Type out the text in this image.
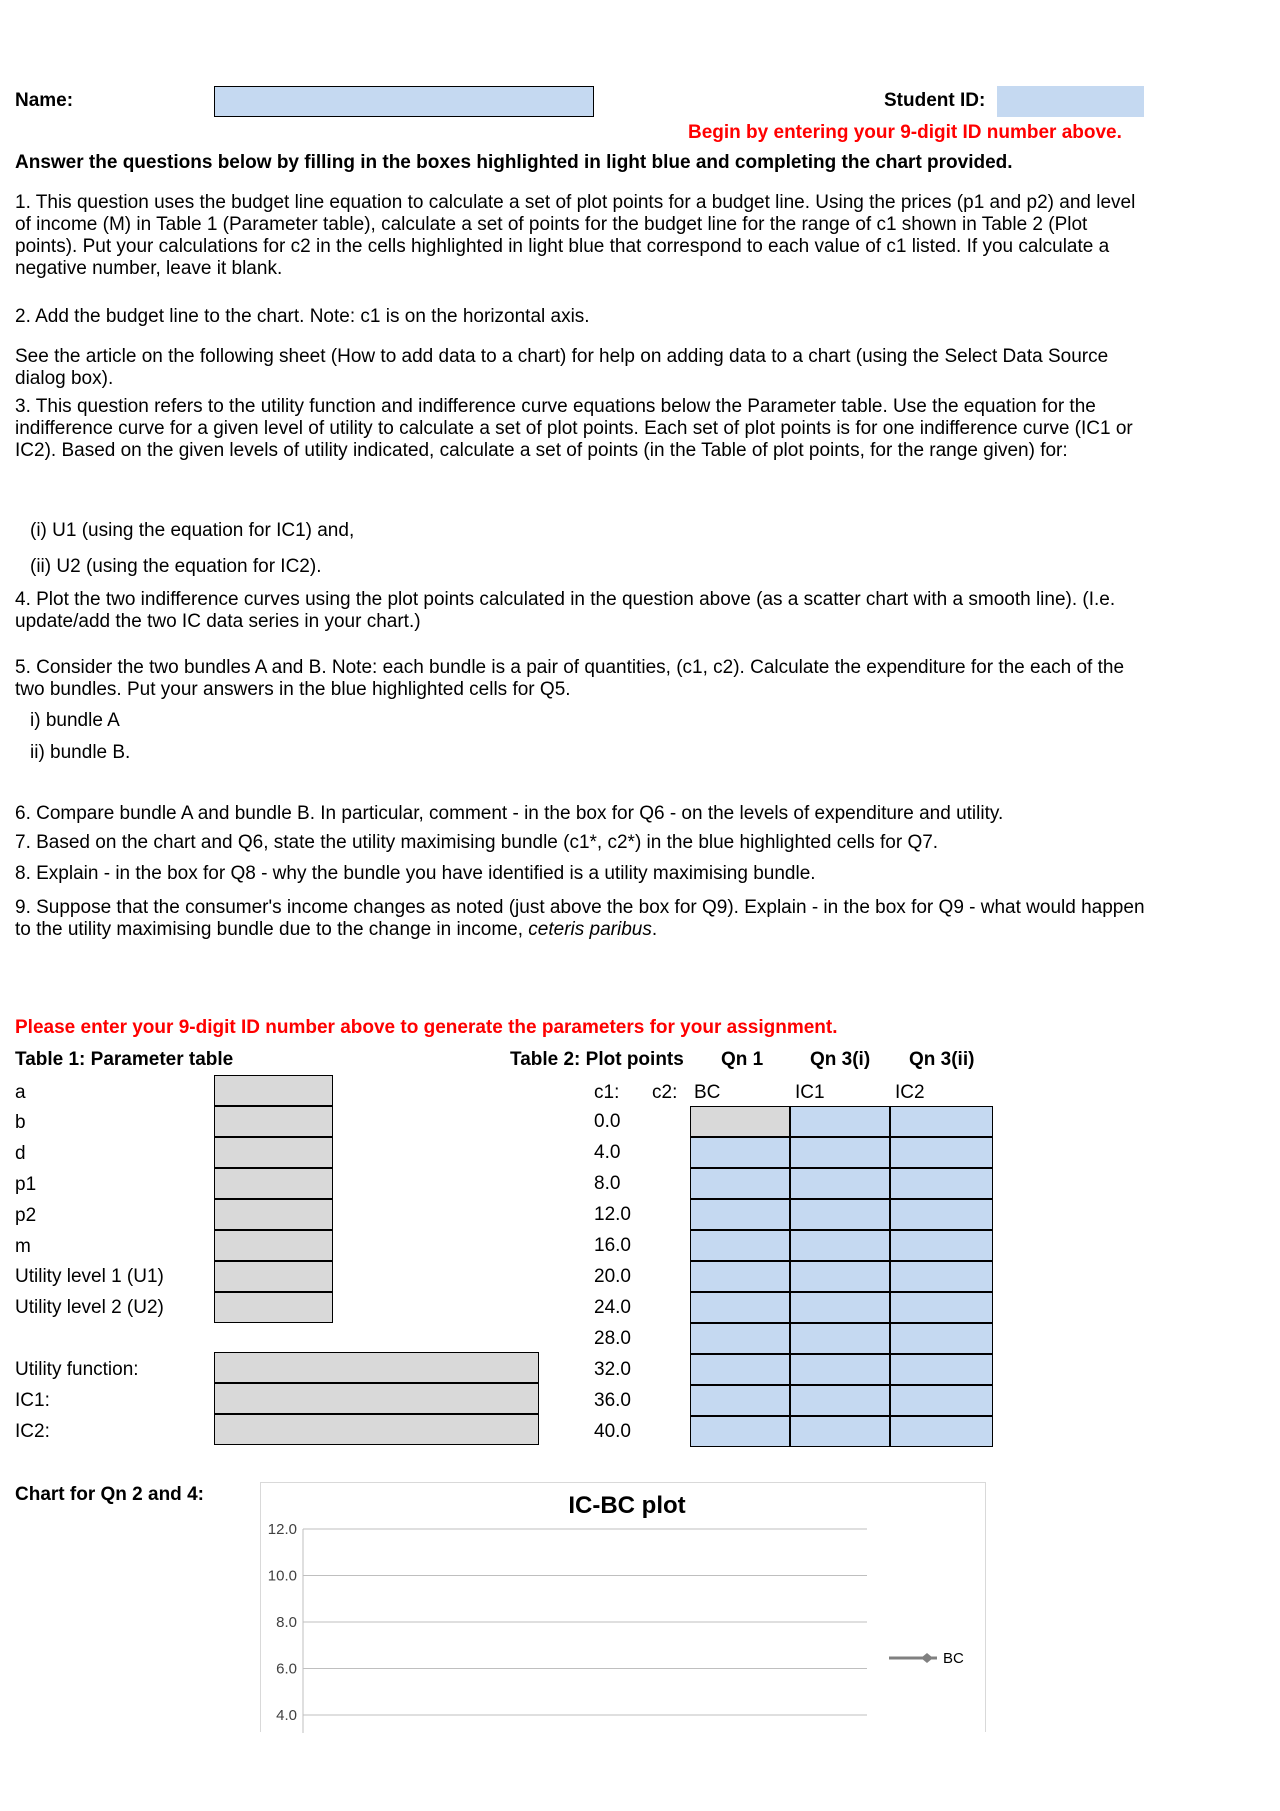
Name:	Student ID:
Begin by entering your 9-digit ID number above.
Answer the questions below by filling in the boxes highlighted in light blue and completing the chart provided.
1. This question uses the budget line equation to calculate a set of plot points for a budget line. Using the prices (p1 and p2) and level of income (M) in Table 1 (Parameter table), calculate a set of points for the budget line for the range of c1 shown in Table 2 (Plot points). Put your calculations for c2 in the cells highlighted in light blue that correspond to each value of c1 listed. If you calculate a negative number, leave it blank.
2. Add the budget line to the chart. Note: c1 is on the horizontal axis.
See the article on the following sheet (How to add data to a chart) for help on adding data to a chart (using the Select Data Source dialog box).
3. This question refers to the utility function and indifference curve equations below the Parameter table. Use the equation for the indifference curve for a given level of utility to calculate a set of plot points. Each set of plot points is for one indifference curve (IC1 or IC2). Based on the given levels of utility indicated, calculate a set of points (in the Table of plot points, for the range given) for:
(i) U1 (using the equation for IC1) and,
(ii) U2 (using the equation for IC2).
4. Plot the two indifference curves using the plot points calculated in the question above (as a scatter chart with a smooth line). (I.e. update/add the two IC data series in your chart.)
5. Consider the two bundles A and B. Note: each bundle is a pair of quantities, (c1, c2). Calculate the expenditure for the each of the two bundles. Put your answers in the blue highlighted cells for Q5.
i) bundle A
ii) bundle B.
6. Compare bundle A and bundle B. In particular, comment - in the box for Q6 - on the levels of expenditure and utility.
7. Based on the chart and Q6, state the utility maximising bundle (c1*, c2*) in the blue highlighted cells for Q7.
8. Explain - in the box for Q8 - why the bundle you have identified is a utility maximising bundle.
9. Suppose that the consumer's income changes as noted (just above the box for Q9). Explain - in the box for Q9 - what would happen to the utility maximising bundle due to the change in income, ceteris paribus.
Please enter your 9-digit ID number above to generate the parameters for your assignment.
Table 1: Parameter table
a
b
d
p1
p2
m
Utility level 1 (U1)
Utility level 2 (U2)
Utility function:
IC1:
IC2:
Table 2: Plot points Qn 1 Qn 3(i) Qn 3(ii)
c1: c2: BC	IC1	IC2
0.0
4.0
8.0
12.0
16.0
20.0
24.0
28.0
32.0
36.0
40.0
Chart for Qn 2 and 4:	IC-BC plot
12.0
10.0
8.0
6.0
4.0
BC
